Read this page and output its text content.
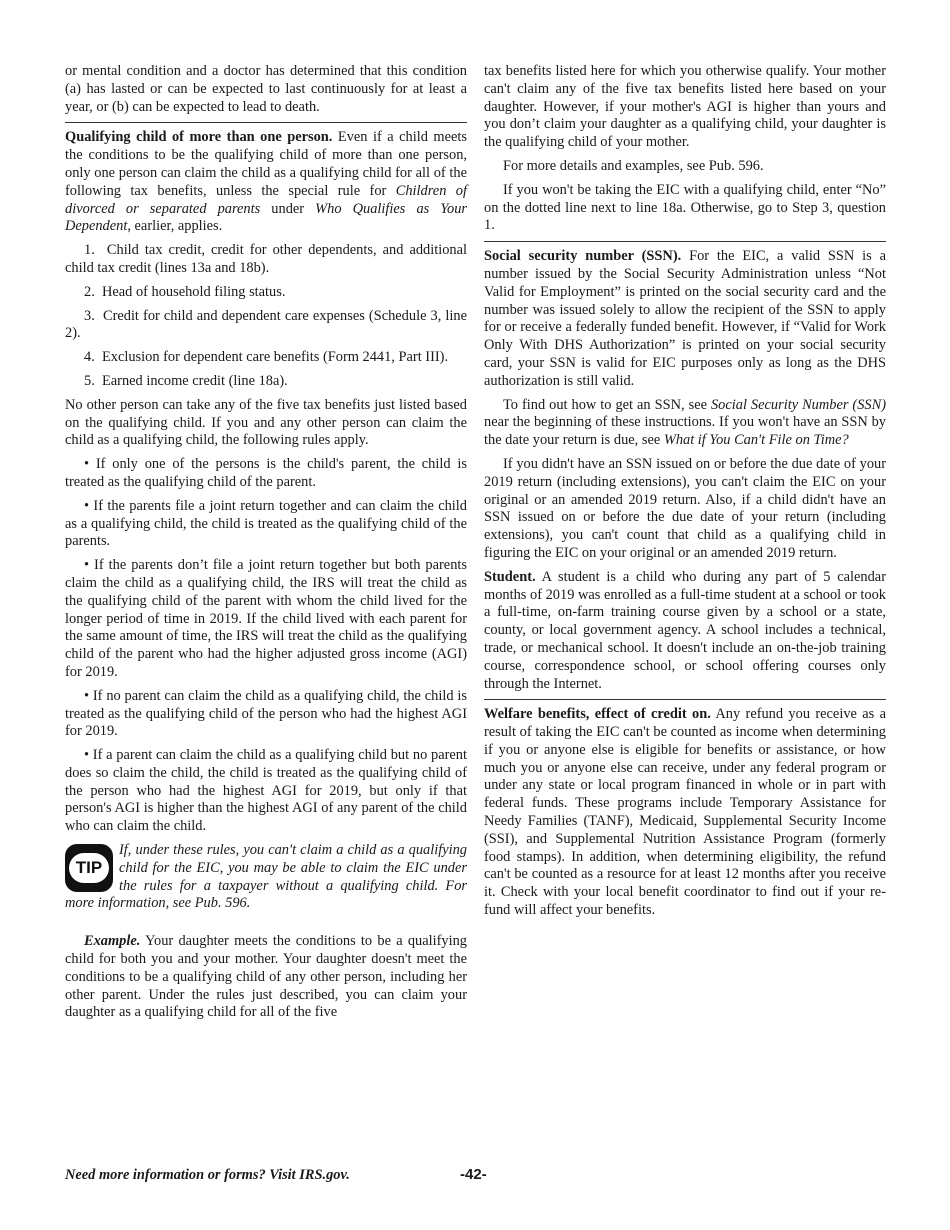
or mental condition and a doctor has determined that this condition (a) has lasted or can be expected to last continuously for at least a year, or (b) can be expected to lead to death.

Qualifying child of more than one person. Even if a child meets the conditions to be the qualifying child of more than one person, only one person can claim the child as a qualifying child for all of the following tax benefits, unless the special rule for Children of divorced or separated parents under Who Qualifies as Your Dependent, earlier, applies.

1.  Child tax credit, credit for other dependents, and additional child tax credit (lines 13a and 18b).

2.  Head of household filing status.

3.  Credit for child and dependent care expenses (Schedule 3, line 2).

4.  Exclusion for dependent care benefits (Form 2441, Part III).

5.  Earned income credit (line 18a).

No other person can take any of the five tax benefits just listed based on the qualifying child. If you and any other person can claim the child as a qualifying child, the following rules apply.

• If only one of the persons is the child's parent, the child is treated as the qualifying child of the parent.

• If the parents file a joint return together and can claim the child as a qualifying child, the child is treated as the qualifying child of the parents.

• If the parents don’t file a joint return together but both parents claim the child as a qualifying child, the IRS will treat the child as the qualifying child of the parent with whom the child lived for the longer period of time in 2019. If the child lived with each parent for the same amount of time, the IRS will treat the child as the qualifying child of the parent who had the higher adjusted gross income (AGI) for 2019.

• If no parent can claim the child as a qualifying child, the child is treated as the qualifying child of the person who had the highest AGI for 2019.

• If a parent can claim the child as a qualifying child but no parent does so claim the child, the child is treated as the qualifying child of the person who had the highest AGI for 2019, but only if that person's AGI is higher than the highest AGI of any parent of the child who can claim the child.

TIP

If, under these rules, you can't claim a child as a qualifying child for the EIC, you may be able to claim the EIC under the rules for a taxpayer without a qualifying child. For more information, see Pub. 596.

Example. Your daughter meets the conditions to be a qualifying child for both you and your mother. Your daughter doesn't meet the conditions to be a qualifying child of any other person, including her other parent. Under the rules just described, you can claim your daughter as a qualifying child for all of the five

tax benefits listed here for which you otherwise qualify. Your mother can't claim any of the five tax benefits listed here based on your daughter. However, if your mother's AGI is higher than yours and you don’t claim your daughter as a qualifying child, your daughter is the qualifying child of your mother.

For more details and examples, see Pub. 596.

If you won't be taking the EIC with a qualifying child, enter “No” on the dotted line next to line 18a. Otherwise, go to Step 3, question 1.

Social security number (SSN). For the EIC, a valid SSN is a number issued by the Social Security Administration unless “Not Valid for Employment” is printed on the social security card and the number was issued solely to allow the recipient of the SSN to apply for or receive a federally funded benefit. However, if “Valid for Work Only With DHS Authorization” is printed on your social security card, your SSN is valid for EIC purposes only as long as the DHS authorization is still valid.

To find out how to get an SSN, see Social Security Number (SSN) near the beginning of these instructions. If you won't have an SSN by the date your return is due, see What if You Can't File on Time?

If you didn't have an SSN issued on or before the due date of your 2019 return (including extensions), you can't claim the EIC on your original or an amended 2019 return. Also, if a child didn't have an SSN issued on or before the due date of your return (including extensions), you can't count that child as a qualifying child in figuring the EIC on your original or an amended 2019 return.

Student. A student is a child who during any part of 5 calendar months of 2019 was enrolled as a full-time student at a school or took a full-time, on-farm training course given by a school or a state, county, or local government agency. A school includes a technical, trade, or mechanical school. It doesn't include an on-the-job training course, correspondence school, or school offering courses only through the Internet.

Welfare benefits, effect of credit on. Any refund you receive as a result of taking the EIC can't be counted as income when determining if you or anyone else is eligible for benefits or assistance, or how much you or anyone else can receive, under any federal program or under any state or local program financed in whole or in part with federal funds. These programs include Temporary Assistance for Needy Families (TANF), Medicaid, Supplemental Security Income (SSI), and Supplemental Nutrition Assistance Program (formerly food stamps). In addition, when determining eligibility, the refund can't be counted as a resource for at least 12 months after you receive it. Check with your local benefit coordinator to find out if your refund will affect your benefits.

Need more information or forms? Visit IRS.gov.	-42-
